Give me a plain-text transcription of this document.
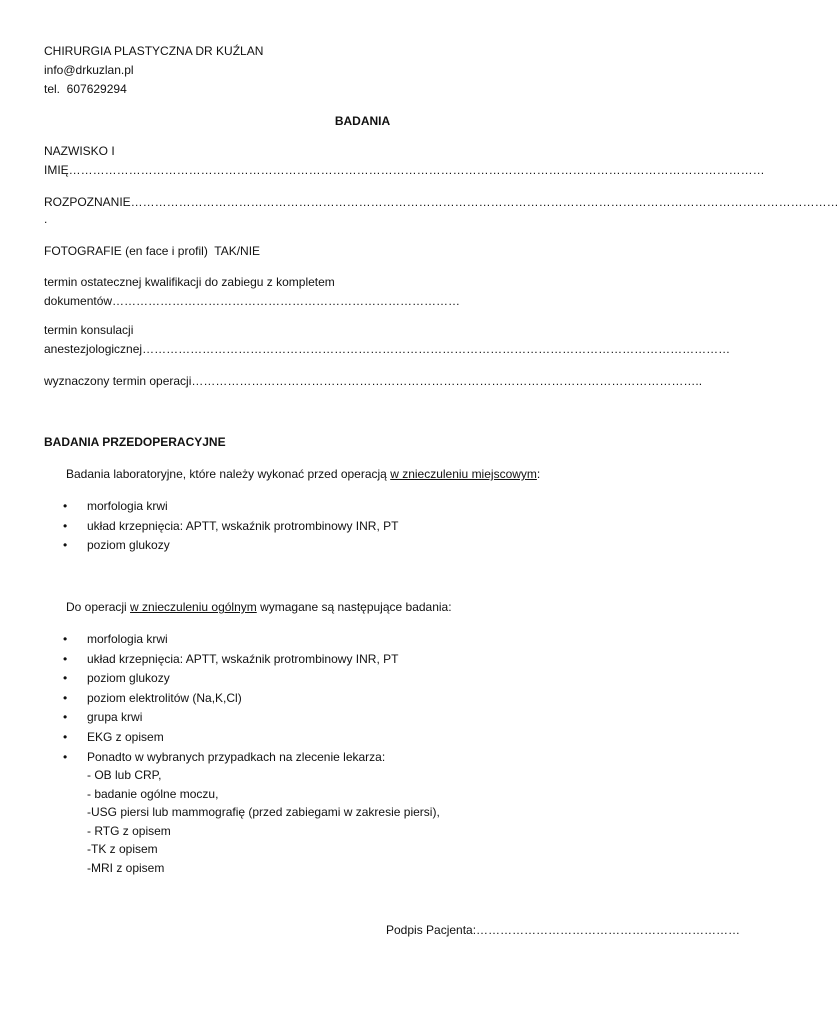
CHIRURGIA PLASTYCZNA DR KUŹLAN
info@drkuzlan.pl
tel.  607629294
BADANIA
NAZWISKO I
IMIĘ…………………………………………………………………………………………………………………………………………………………
ROZPOZNANIE……………………………………………………………………………………………………………………………………………………………
.
FOTOGRAFIE (en face i profil)  TAK/NIE
termin ostatecznej kwalifikacji do zabiegu z kompletem
dokumentów……………………………………………………………………………
termin konsulacji
anestezjologicznej…………………………………………………………………………………………………………………………………
wyznaczony termin operacji………………………………………………………………………………………………………………..
BADANIA PRZEDOPERACYJNE
Badania laboratoryjne, które należy wykonać przed operacją w znieczuleniu miejscowym:
• morfologia krwi
• układ krzepnięcia: APTT, wskaźnik protrombinowy INR, PT
• poziom glukozy
Do operacji w znieczuleniu ogólnym wymagane są następujące badania:
• morfologia krwi
• układ krzepnięcia: APTT, wskaźnik protrombinowy INR, PT
• poziom glukozy
• poziom elektrolitów (Na,K,Cl)
• grupa krwi
• EKG z opisem
• Ponadto w wybranych przypadkach na zlecenie lekarza:
- OB lub CRP,
- badanie ogólne moczu,
-USG piersi lub mammografię (przed zabiegami w zakresie piersi),
- RTG z opisem
-TK z opisem
-MRI z opisem
Podpis Pacjenta:…………………………………………………………
